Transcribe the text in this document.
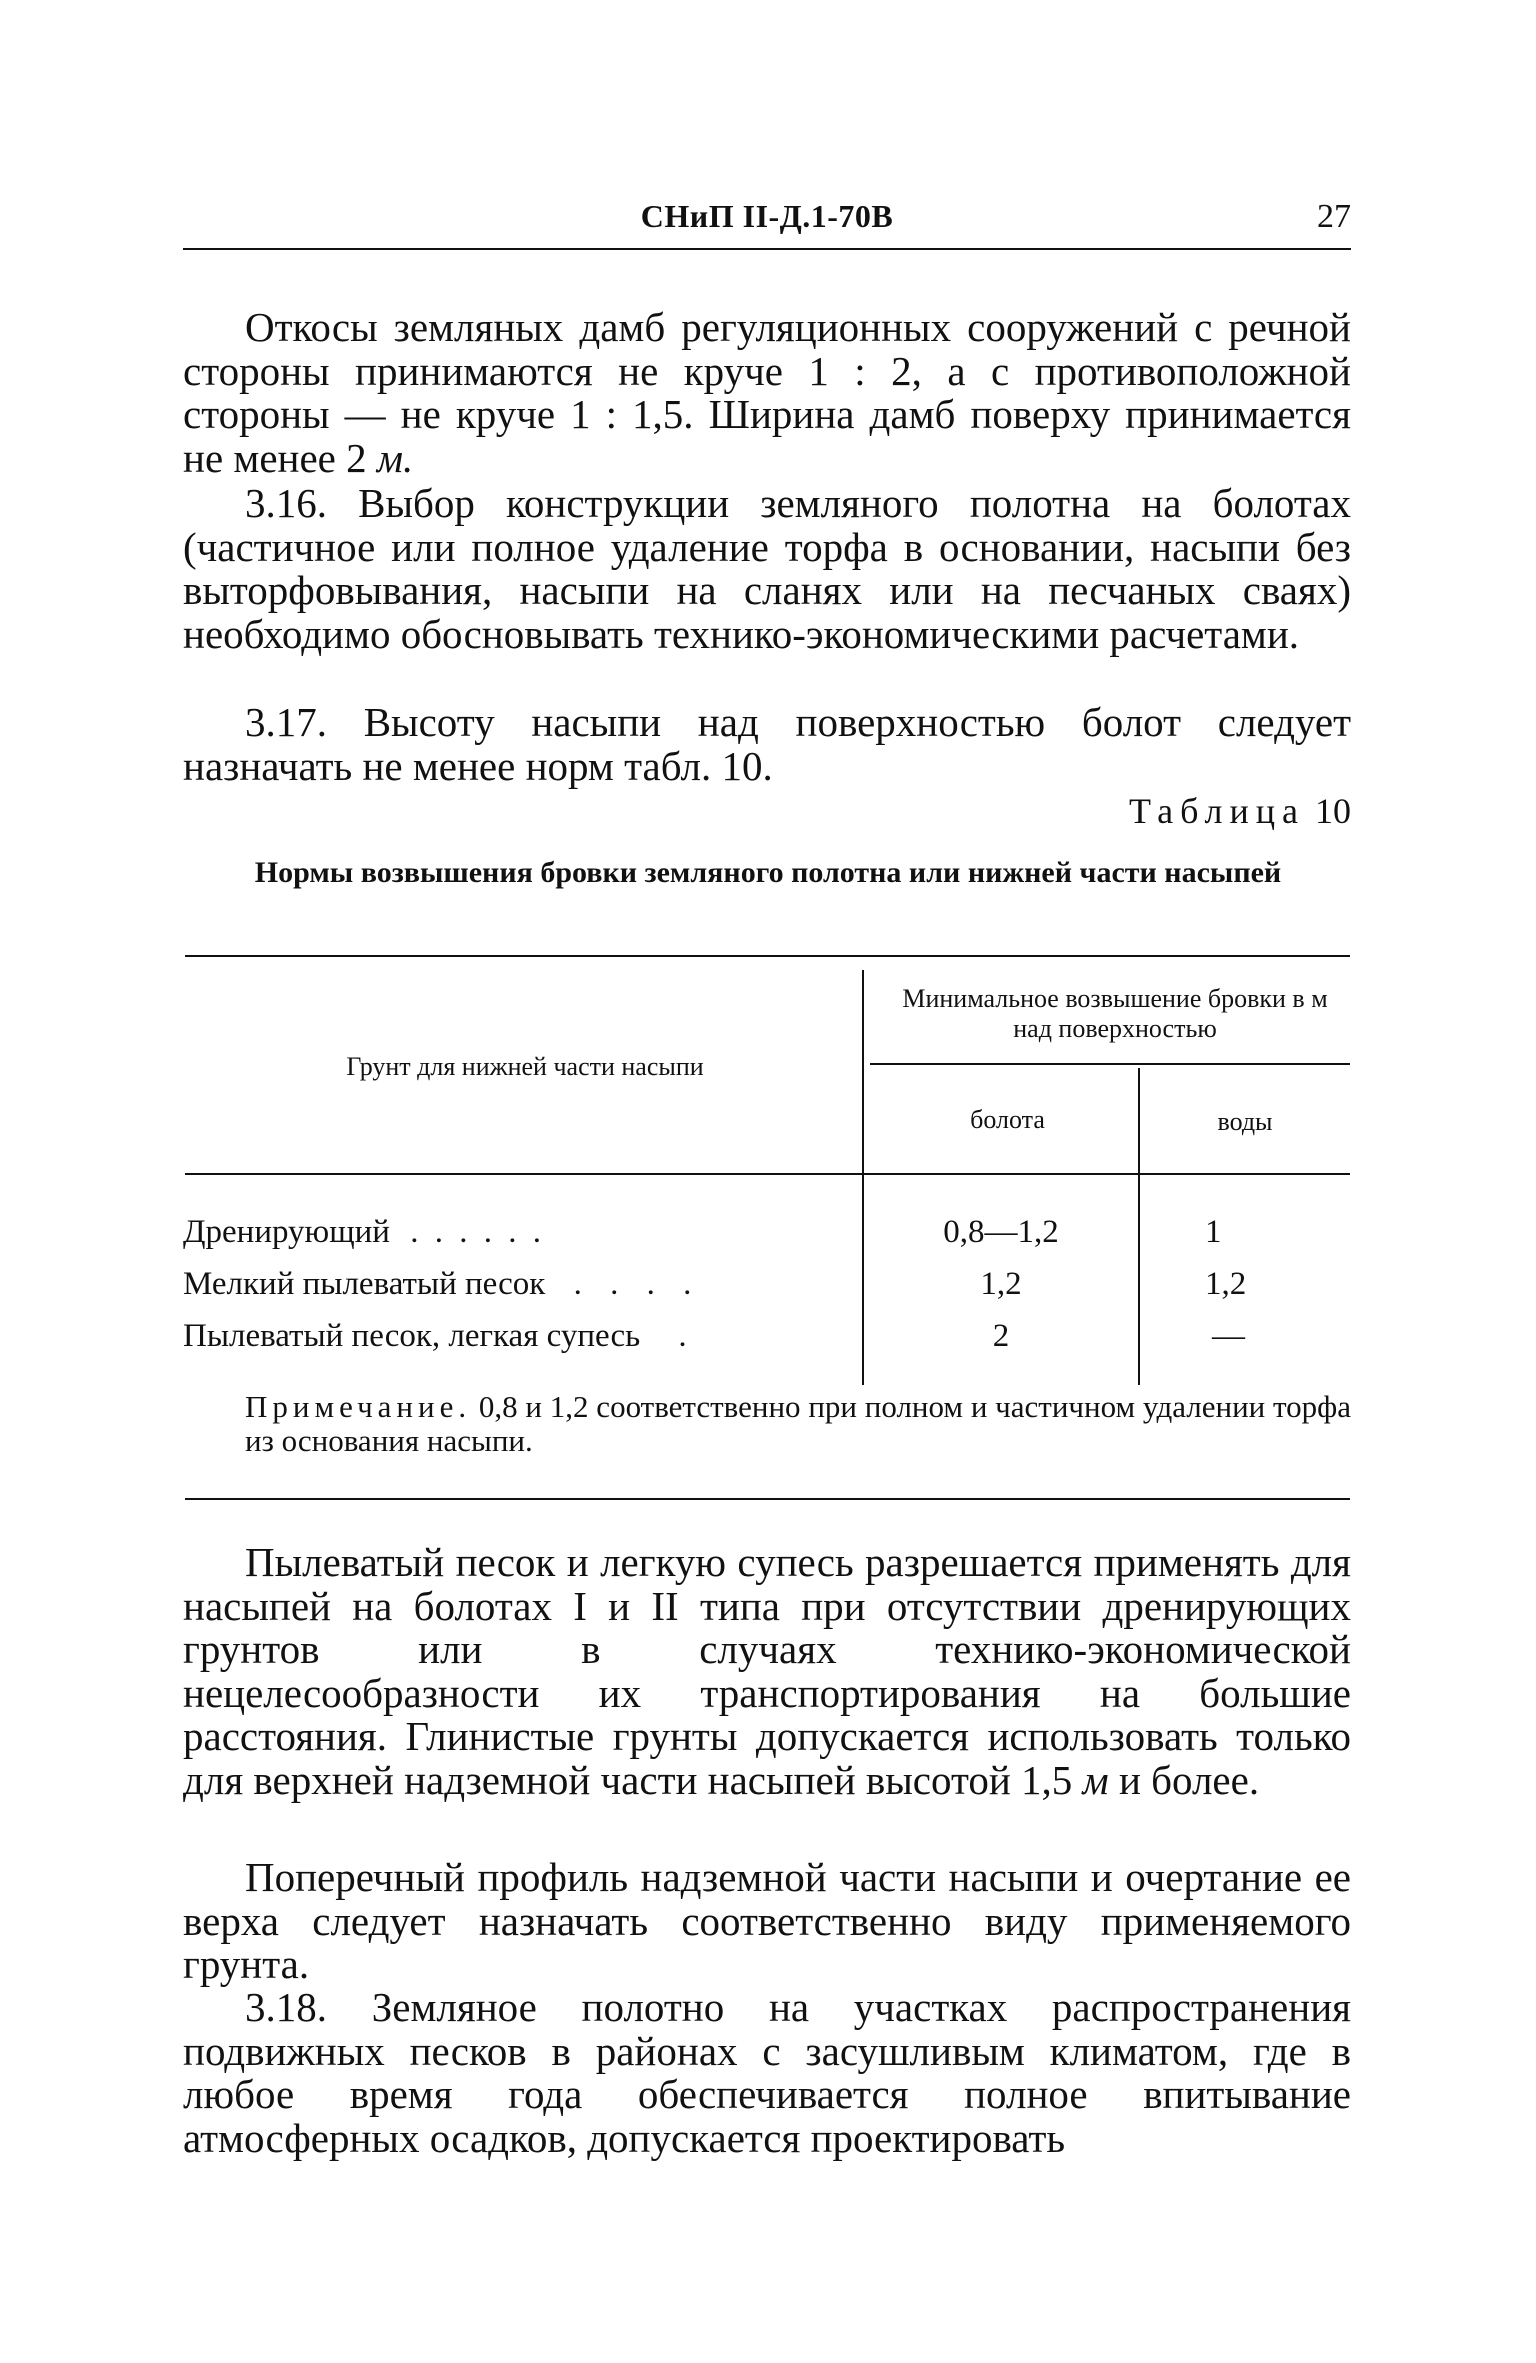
СНиП II-Д.1-70В	27

Откосы земляных дамб регуляционных сооружений с речной стороны принимаются не круче 1 : 2, а с противоположной стороны — не круче 1 : 1,5. Ширина дамб поверху принимается не менее 2 м.

3.16. Выбор конструкции земляного полотна на болотах (частичное или полное удаление торфа в основании, насыпи без выторфовывания, насыпи на сланях или на песчаных сваях) необходимо обосновывать технико-экономическими расчетами.

3.17. Высоту насыпи над поверхностью болот следует назначать не менее норм табл. 10.

Таблица 10
Нормы возвышения бровки земляного полотна или нижней части насыпей
Грунт для нижней части насыпи
Минимальное возвышение бровки в м над поверхностью
болота	воды
Дренирующий . . . . . .	0,8—1,2	1
Мелкий пылеватый песок . . . .	1,2	1,2
Пылеватый песок, легкая супесь .	2	—

Примечание. 0,8 и 1,2 соответственно при полном и частичном удалении торфа из основания насыпи.

Пылеватый песок и легкую супесь разрешается применять для насыпей на болотах I и II типа при отсутствии дренирующих грунтов или в случаях технико-экономической нецелесообразности их транспортирования на большие расстояния. Глинистые грунты допускается использовать только для верхней надземной части насыпей высотой 1,5 м и более.

Поперечный профиль надземной части насыпи и очертание ее верха следует назначать соответственно виду применяемого грунта.

3.18. Земляное полотно на участках распространения подвижных песков в районах с засушливым климатом, где в любое время года обеспечивается полное впитывание атмосферных осадков, допускается проектировать
